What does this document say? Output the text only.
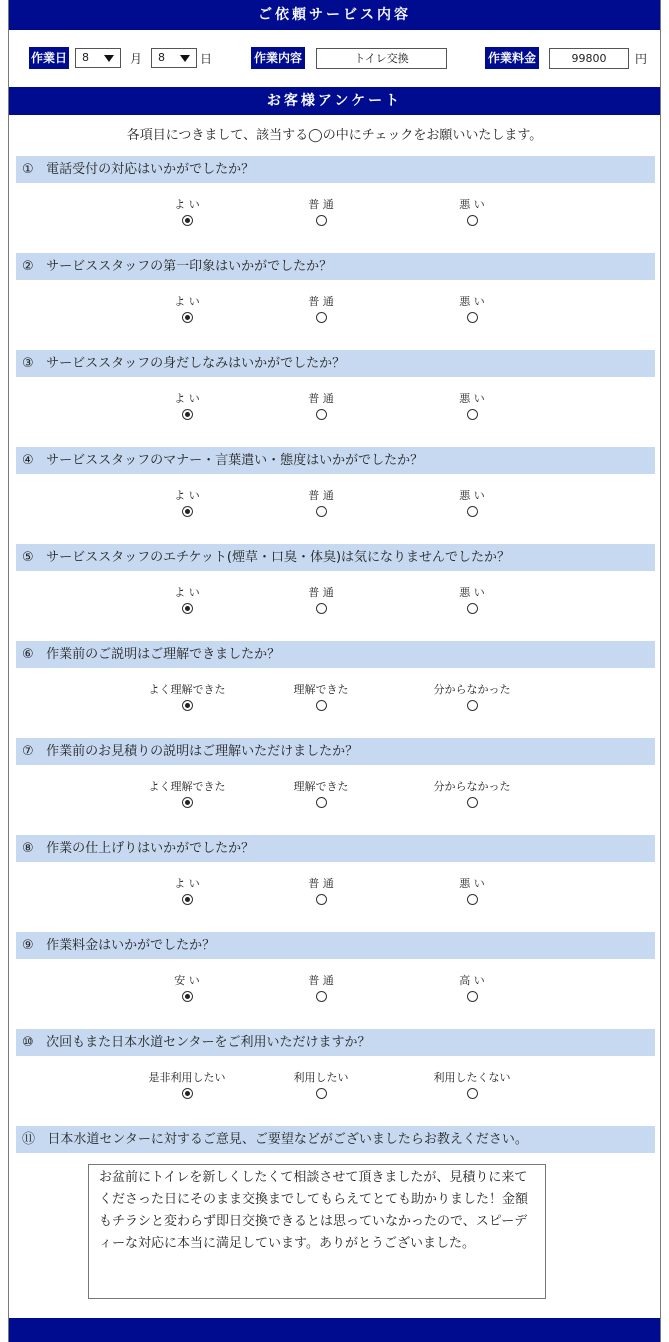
ご依頼サービス内容
作業日	8	月	8	日	作業内容	トイレ交換	作業料金	99800	円
お客様アンケート
各項目につきまして、該当する◯の中にチェックをお願いいたします。
① 電話受付の対応はいかがでしたか？
よ い	普 通	悪 い
② サービススタッフの第一印象はいかがでしたか？
よ い	普 通	悪 い
③ サービススタッフの身だしなみはいかがでしたか？
よ い	普 通	悪 い
④ サービススタッフのマナー・言葉遣い・態度はいかがでしたか？
よ い	普 通	悪 い
⑤ サービススタッフのエチケット(煙草・口臭・体臭)は気になりませんでしたか？
よ い	普 通	悪 い
⑥ 作業前のご説明はご理解できましたか？
よく理解できた	理解できた	分からなかった
⑦ 作業前のお見積りの説明はご理解いただけましたか？
よく理解できた	理解できた	分からなかった
⑧ 作業の仕上げりはいかがでしたか？
よ い	普 通	悪 い
⑨ 作業料金はいかがでしたか？
安 い	普 通	高 い
⑩ 次回もまた日本水道センターをご利用いただけますか？
是非利用したい	利用したい	利用したくない
⑪ 日本水道センターに対するご意見、ご要望などがございましたらお教えください。
お盆前にトイレを新しくしたくて相談させて頂きましたが、見積りに来てくださった日にそのまま交換までしてもらえてとても助かりました！金額もチラシと変わらず即日交換できるとは思っていなかったので、スピーディーな対応に本当に満足しています。ありがとうございました。
